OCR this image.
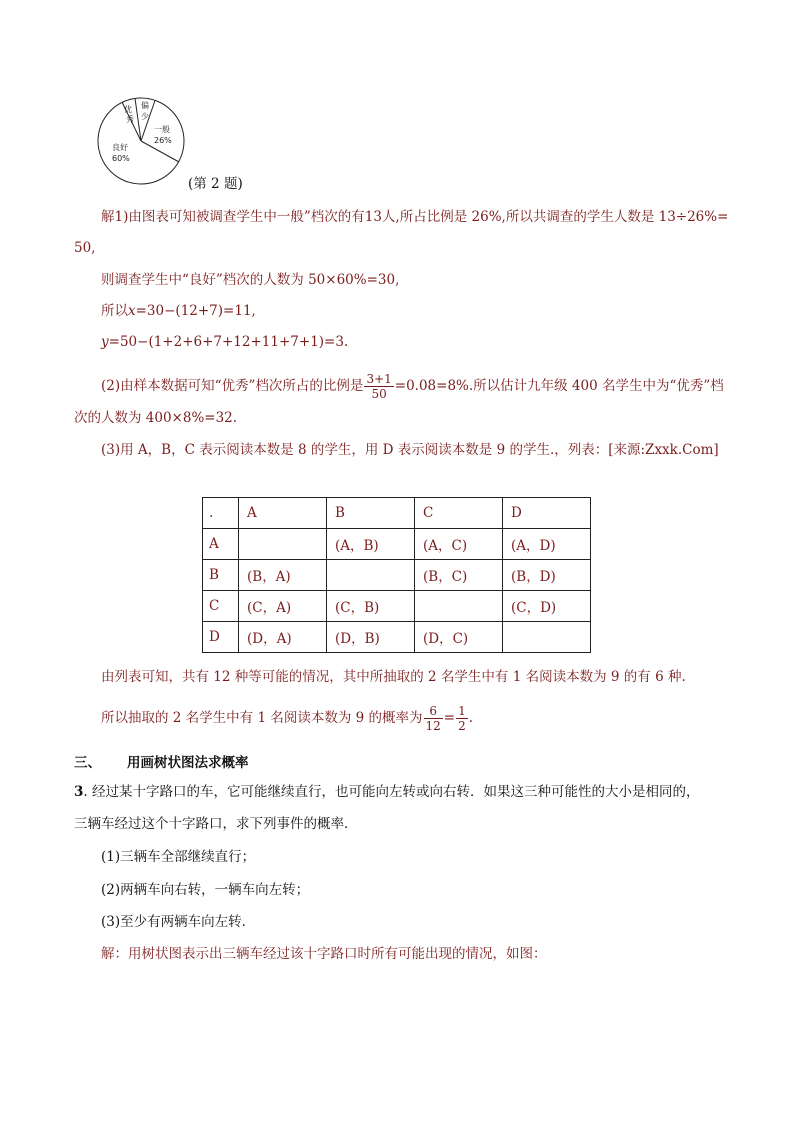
优
秀
偏
少
一般
26%
良好
60%
(第 2 题)
解1)由图表可知被调查学生中一般”档次的有13人,所占比例是 26%,所以共调查的学生人数是 13÷26%=
50,
则调查学生中“良好”档次的人数为 50×60%=30,
所以x=30−(12+7)=11,
y=50−(1+2+6+7+12+11+7+1)=3.
(2)由样本数据可知“优秀”档次所占的比例是 $\frac{3+1}{50} =0.08=8\%$.所以估计九年级 400 名学生中为“优秀”档
次的人数为 400×8%=32.
(3)用 A，B，C 表示阅读本数是 8 的学生，用 D 表示阅读本数是 9 的学生.，列表：[来源:Zxxk.Com]
.	A	B	C	D
A		(A，B)	(A，C)	(A，D)
B	(B，A)		(B，C)	(B，D)
C	(C，A)	(C，B)		(C，D)
D	(D，A)	(D，B)	(D，C)	
由列表可知，共有 12 种等可能的情况，其中所抽取的 2 名学生中有 1 名阅读本数为 9 的有 6 种.
所以抽取的 2 名学生中有 1 名阅读本数为 9 的概率为 $\frac{6}{12} = \frac{1}{2}$ .
三、 用画树状图法求概率
3. 经过某十字路口的车，它可能继续直行，也可能向左转或向右转．如果这三种可能性的大小是相同的，
三辆车经过这个十字路口，求下列事件的概率．
(1)三辆车全部继续直行；
(2)两辆车向右转，一辆车向左转；
(3)至少有两辆车向左转．
解：用树状图表示出三辆车经过该十字路口时所有可能出现的情况，如图：
